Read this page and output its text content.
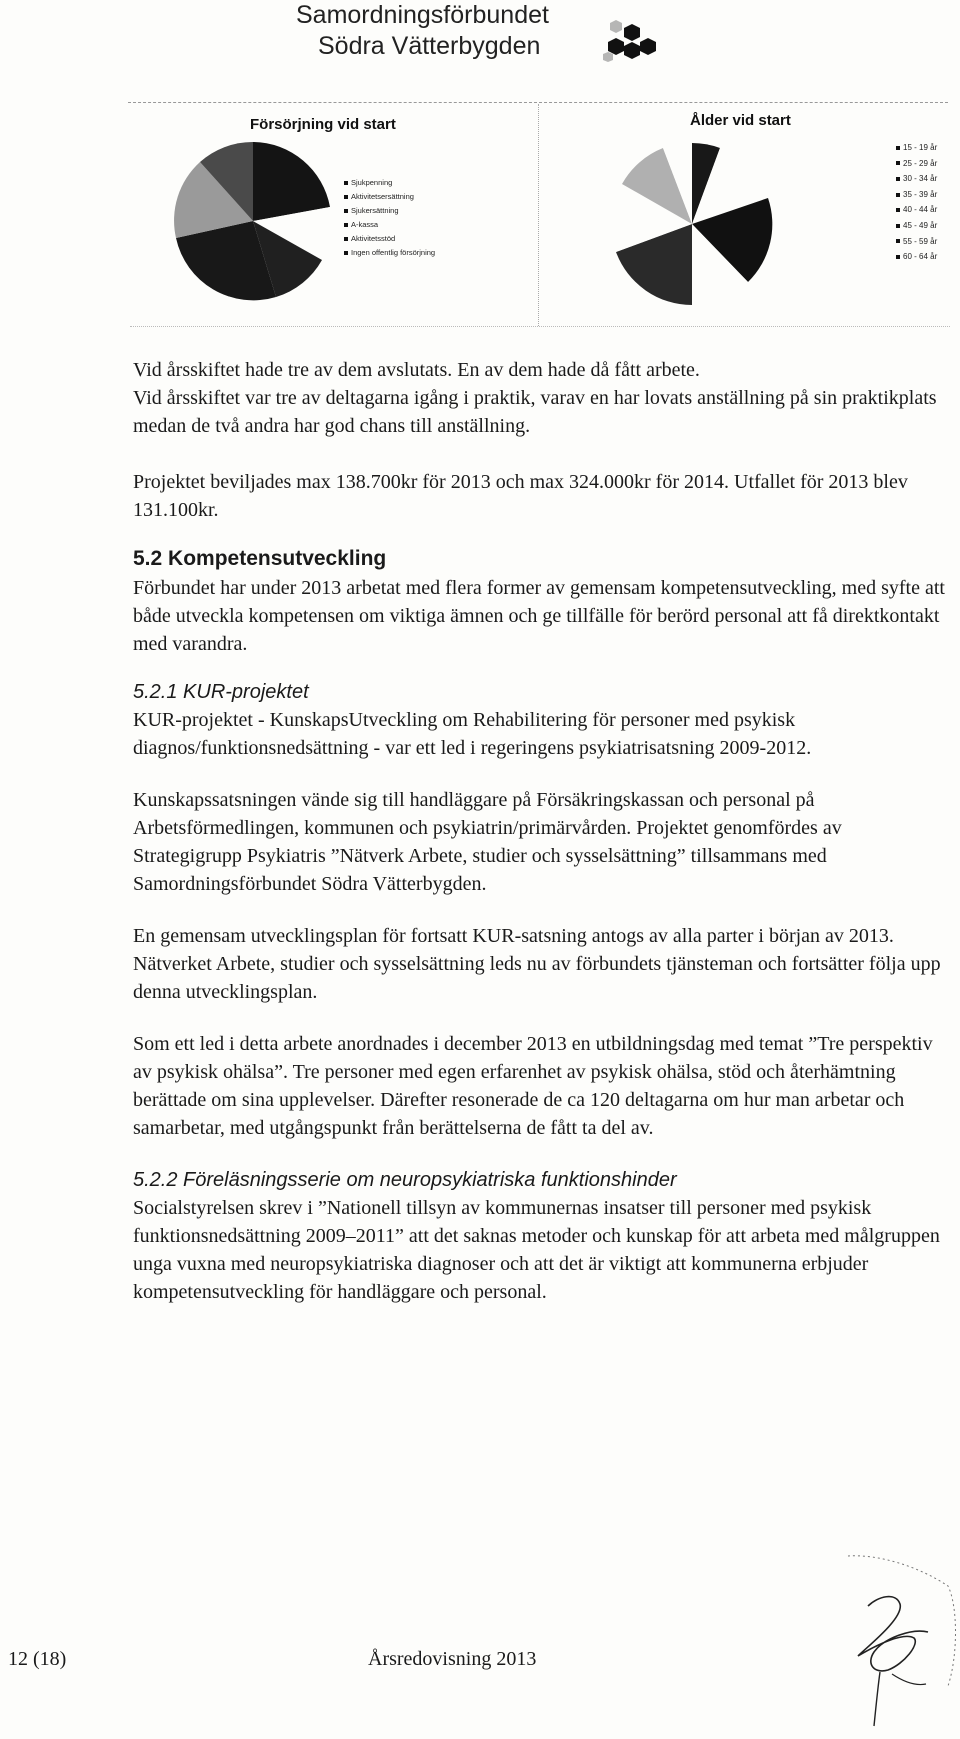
Samordningsförbundet
Södra Vätterbygden
Försörjning vid start
Sjukpenning
Aktivitetsersättning
Sjukersättning
A-kassa
Aktivitetsstöd
Ingen offentlig försörjning
Ålder vid start
15 - 19 år
25 - 29 år
30 - 34 år
35 - 39 år
40 - 44 år
45 - 49 år
55 - 59 år
60 - 64 år

Vid årsskiftet hade tre av dem avslutats. En av dem hade då fått arbete.

Vid årsskiftet var tre av deltagarna igång i praktik, varav en har lovats anställning på sin praktikplats medan de två andra har god chans till anställning.

Projektet beviljades max 138.700kr för 2013 och max 324.000kr för 2014. Utfallet för 2013 blev 131.100kr.

5.2 Kompetensutveckling

Förbundet har under 2013 arbetat med flera former av gemensam kompetensutveckling, med syfte att både utveckla kompetensen om viktiga ämnen och ge tillfälle för berörd personal att få direktkontakt med varandra.

5.2.1 KUR-projektet

KUR-projektet - KunskapsUtveckling om Rehabilitering för personer med psykisk diagnos/funktionsnedsättning - var ett led i regeringens psykiatrisatsning 2009-2012.

Kunskapssatsningen vände sig till handläggare på Försäkringskassan och personal på Arbetsförmedlingen, kommunen och psykiatrin/primärvården. Projektet genomfördes av Strategigrupp Psykiatris ”Nätverk Arbete, studier och sysselsättning” tillsammans med Samordningsförbundet Södra Vätterbygden.

En gemensam utvecklingsplan för fortsatt KUR-satsning antogs av alla parter i början av 2013. Nätverket Arbete, studier och sysselsättning leds nu av förbundets tjänsteman och fortsätter följa upp denna utvecklingsplan.

Som ett led i detta arbete anordnades i december 2013 en utbildningsdag med temat ”Tre perspektiv av psykisk ohälsa”. Tre personer med egen erfarenhet av psykisk ohälsa, stöd och återhämtning berättade om sina upplevelser. Därefter resonerade de ca 120 deltagarna om hur man arbetar och samarbetar, med utgångspunkt från berättelserna de fått ta del av.

5.2.2 Föreläsningsserie om neuropsykiatriska funktionshinder

Socialstyrelsen skrev i ”Nationell tillsyn av kommunernas insatser till personer med psykisk funktionsnedsättning 2009–2011” att det saknas metoder och kunskap för att arbeta med målgruppen unga vuxna med neuropsykiatriska diagnoser och att det är viktigt att kommunerna erbjuder kompetensutveckling för handläggare och personal.

12 (18)	Årsredovisning 2013
